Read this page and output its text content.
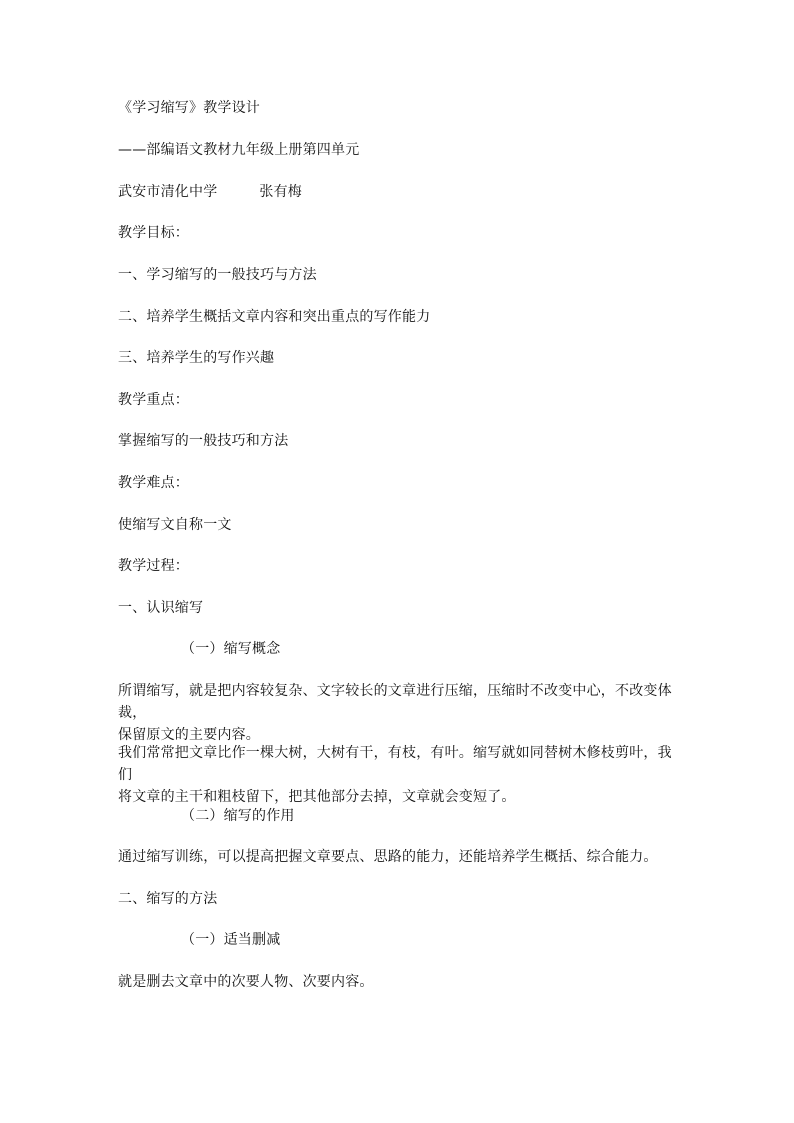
《学习缩写》教学设计
——部编语文教材九年级上册第四单元
武安市清化中学	张有梅
教学目标：
一、学习缩写的一般技巧与方法
二、培养学生概括文章内容和突出重点的写作能力
三、培养学生的写作兴趣
教学重点：
掌握缩写的一般技巧和方法
教学难点：
使缩写文自称一文
教学过程：
一、认识缩写
（一）缩写概念
所谓缩写，就是把内容较复杂、文字较长的文章进行压缩，压缩时不改变中心，不改变体裁，
保留原文的主要内容。
我们常常把文章比作一棵大树，大树有干，有枝，有叶。缩写就如同替树木修枝剪叶，我们
将文章的主干和粗枝留下，把其他部分去掉，文章就会变短了。
（二）缩写的作用
通过缩写训练，可以提高把握文章要点、思路的能力，还能培养学生概括、综合能力。
二、缩写的方法
（一）适当删减
就是删去文章中的次要人物、次要内容。
